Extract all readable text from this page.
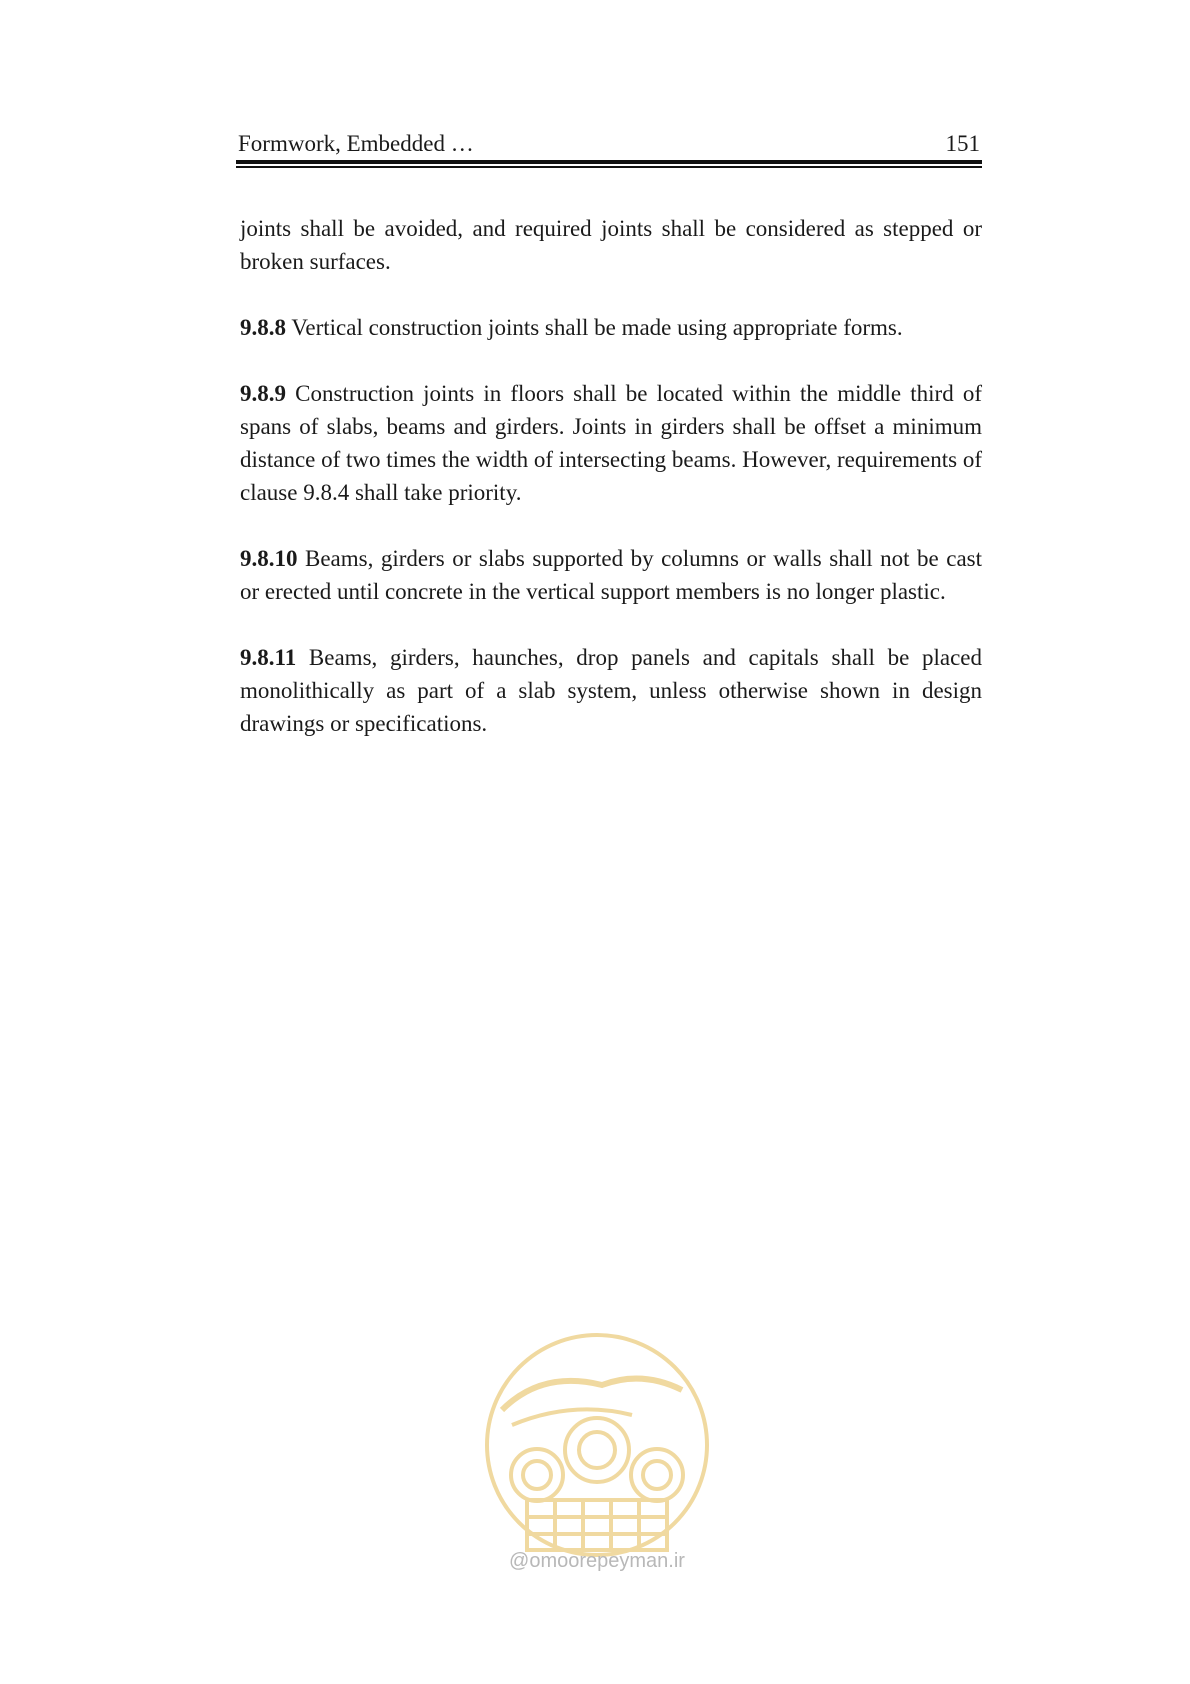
Formwork, Embedded …	151

joints shall be avoided, and required joints shall be considered as stepped or broken surfaces.

9.8.8 Vertical construction joints shall be made using appropriate forms.

9.8.9 Construction joints in floors shall be located within the middle third of spans of slabs, beams and girders. Joints in girders shall be offset a minimum distance of two times the width of intersecting beams. However, requirements of clause 9.8.4 shall take priority.

9.8.10 Beams, girders or slabs supported by columns or walls shall not be cast or erected until concrete in the vertical support members is no longer plastic.

9.8.11 Beams, girders, haunches, drop panels and capitals shall be placed monolithically as part of a slab system, unless otherwise shown in design drawings or specifications.

@omoorepeyman.ir
